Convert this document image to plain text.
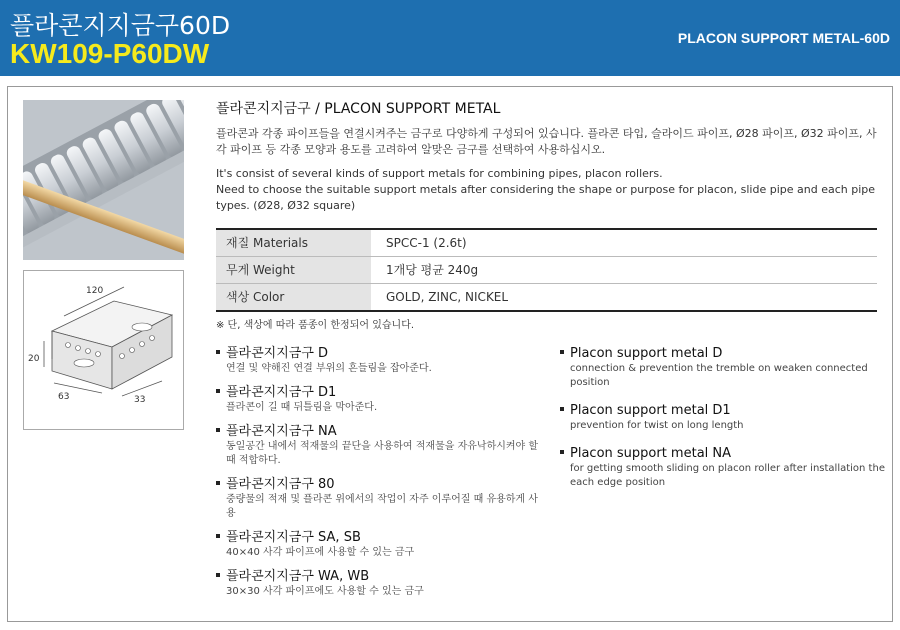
플라콘지지금구60D
KW109-P60DW	PLACON SUPPORT METAL-60D
120
20
63	33
플라콘지지금구 / PLACON SUPPORT METAL

플라콘과 각종 파이프들을 연결시켜주는 금구로 다양하게 구성되어 있습니다. 플라콘 타입, 슬라이드 파이프, Ø28 파이프, Ø32 파이프, 사각 파이프 등 각종 모양과 용도를 고려하여 알맞은 금구를 선택하여 사용하십시오.

It's consist of several kinds of support metals for combining pipes, placon rollers.

Need to choose the suitable support metals after considering the shape or purpose for placon, slide pipe and each pipe types. (Ø28, Ø32 square)

재질 Materials	SPCC-1 (2.6t)
무게 Weight	1개당 평균 240g
색상 Color	GOLD, ZINC, NICKEL
※ 단, 색상에 따라 품종이 한정되어 있습니다.
플라콘지지금구 D
연결 및 약해진 연결 부위의 흔들림을 잡아준다.
플라콘지지금구 D1
플라콘이 길 때 뒤틀림을 막아준다.
플라콘지지금구 NA
동일공간 내에서 적재물의 끝단을 사용하여 적재물을 자유낙하시켜야 할 때 적합하다.
플라콘지지금구 80
중량물의 적재 및 플라콘 위에서의 작업이 자주 이루어질 때 유용하게 사용
플라콘지지금구 SA, SB
40×40 사각 파이프에 사용할 수 있는 금구
플라콘지지금구 WA, WB
30×30 사각 파이프에도 사용할 수 있는 금구
Placon support metal D
connection & prevention the tremble on weaken connected position
Placon support metal D1
prevention for twist on long length
Placon support metal NA
for getting smooth sliding on placon roller after installation the each edge position
